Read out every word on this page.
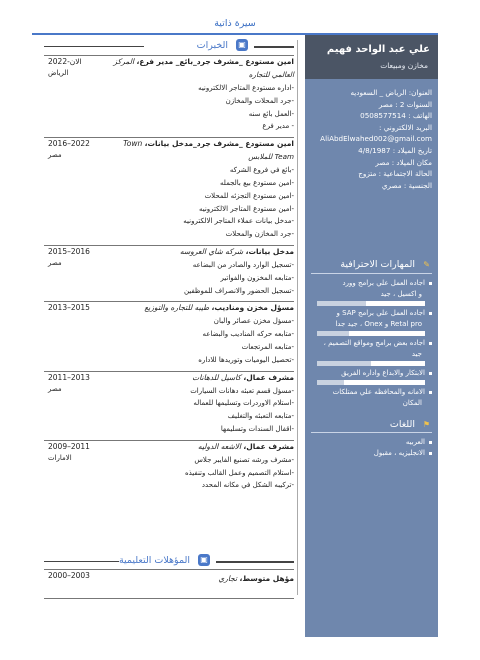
سيرة ذاتية
علي عبد الواحد فهيم
مخازن ومبيعات
العنوان: الرياض _ السعوديه
السنوات 2 : مصر
الهاتف : 0508577514
البريد الالكتروني :
AliAbdElwahed002@gmail.com
تاريخ الميلاد : 4/8/1987
مكان الميلاد : مصر
الحالة الاجتماعية : متزوج
الجنسية : مصري
✎المهارات الاحترافية
اجاده العمل علي برامج وورد
و اكسيل ، جيد
اجاده العمل علي برامج SAP و
Retal pro و Onex ، جيد جدا
اجاده بعض برامج ومواقع التصميم ،
جيد
الابتكار والابداع واداره الفريق
الامانه والمحافظه علي ممتلكات
المكان
⚑اللغات
العربيه
الانجليزيه ، مقبول
الخبرات ▣
2022-الان
الرياض
امين مستودع _مشرف جرد_بائع_ مدير فرع، المركز
العالمي للتجاره
-اداره مستودع المتاجر الالكترونيه
-جرد المحلات والمخازن
-العمل بائع سنه
- مدير فرع
2016–2022
مصر
امين مستودع _مشرف جرد_مدخل بيانات، Town
Team للملابس
-بائع في فروع الشركه
-امين مستودع بيع بالجمله
-امين مستودع التجزئه للمحلات
-امين مستودع المتاجر الالكترونيه
-مدخل بيانات عملاء المتاجر الالكترونيه
-جرد المخازن والمحلات
2015–2016
مصر
مدخل بيانات، شركه شاي العروسه
-تسجيل الوارد والصادر من البضاعه
-متابعه المخزون والفواتير
-تسجيل الحضور والانصراف للموظفين
2013–2015	مسؤل مخزن ومناديب، طيبه للتجاره والتوزيع
-مسؤل مخزن عصائر والبان
-متابعه حركه المناديب والبضاعه
-متابعه المرتجعات
-تحصيل اليوميات وتوريدها للاداره
2011–2013
مصر
مشرف عمال، كاسيل للدهانات
-مسؤل قسم تعبئه دهانات السيارات
-استلام الاوردرات وتسليمها للعماله
-متابعه التعبئه والتغليف
-اقفال السندات وتسليمها
2009–2011
الامارات
مشرف عمال، الاشعه الدوليه
-مشرف ورشه تصنيع الفايبر جلاس
-استلام التصميم وعمل القالب وتنفيذه
-تركيبه الشكل في مكانه المحدد
المؤهلات التعليمية ▣
2000–2003	مؤهل متوسط، تجاري
